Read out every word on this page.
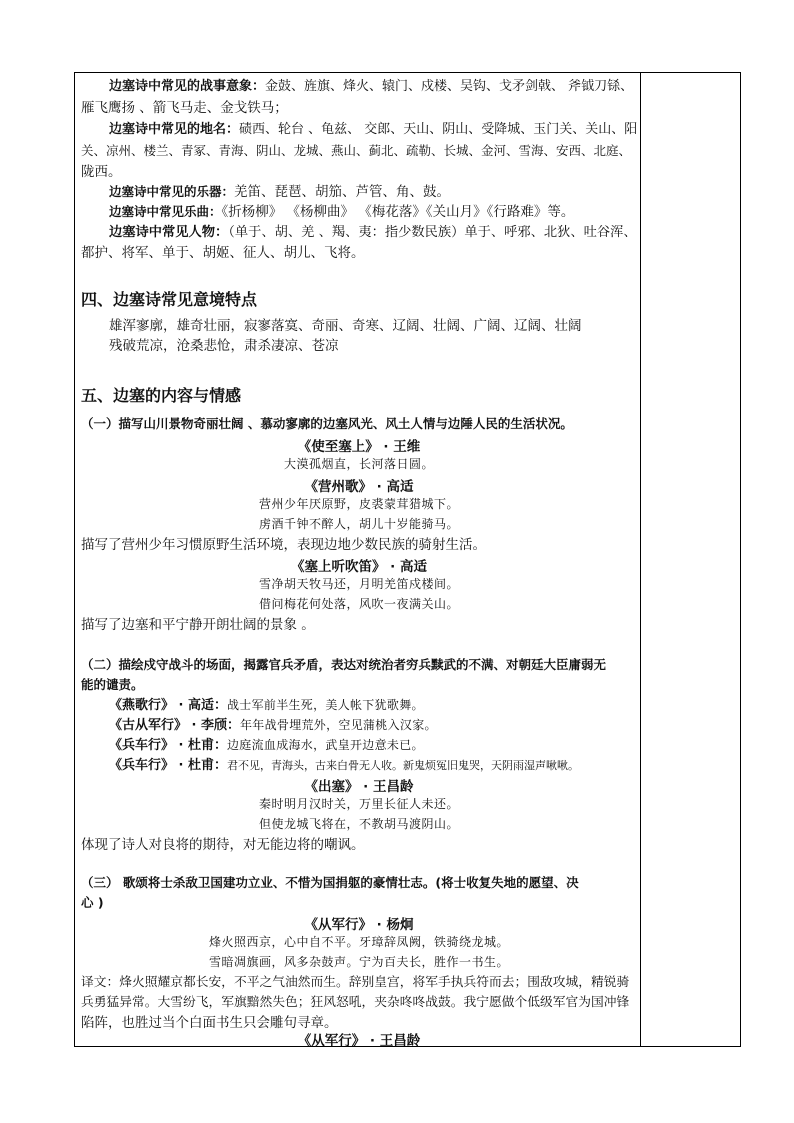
边塞诗中常见的战事意象：金鼓、旌旗、烽火、辕门、戍楼、吴钩、戈矛剑戟、 斧钺刀铩、
雁飞鹰扬 、箭飞马走、金戈铁马；
边塞诗中常见的地名：碛西、轮台 、龟兹、 交郎、天山、阴山、受降城、玉门关、关山、阳
关、凉州、楼兰、青冢、青海、阴山、龙城、燕山、蓟北、疏勒、长城、金河、雪海、安西、北庭、
陇西。
边塞诗中常见的乐器：羌笛、琵琶、胡笳、芦管、角、鼓。
边塞诗中常见乐曲：《折杨柳》 《杨柳曲》 《梅花落》《关山月》《行路难》等。
边塞诗中常见人物：（单于、胡、羌 、羯、夷：指少数民族）单于、呼邪、北狄、吐谷浑、
都护、将军、单于、胡姬、征人、胡儿、飞将。
四、边塞诗常见意境特点
雄浑寥廓，雄奇壮丽，寂寥落寞、奇丽、奇寒、辽阔、壮阔、广阔、辽阔、壮阔
残破荒凉，沧桑悲怆，肃杀凄凉、苍凉
五、边塞的内容与情感
（一）描写山川景物奇丽壮阔 、慕动寥廓的边塞风光、风土人情与边陲人民的生活状况。
《使至塞上》 · 王维
大漠孤烟直，长河落日圆。
《营州歌》 · 高适
营州少年厌原野，皮裘蒙茸猎城下。
虏酒千钟不醉人，胡儿十岁能骑马。
描写了营州少年习惯原野生活环境，表现边地少数民族的骑射生活。
《塞上听吹笛》 · 高适
雪净胡天牧马还，月明羌笛戍楼间。
借问梅花何处落，风吹一夜满关山。
描写了边塞和平宁静开朗壮阔的景象 。
（二）描绘戍守战斗的场面，揭露官兵矛盾，表达对统治者穷兵黩武的不满、对朝廷大臣庸弱无
能的谴责。
《燕歌行》 · 高适：战士军前半生死，美人帐下犹歌舞。
《古从军行》 · 李颀：年年战骨埋荒外，空见蒲桃入汉家。
《兵车行》 · 杜甫：边庭流血成海水，武皇开边意未已。
《兵车行》 · 杜甫：君不见，青海头，古来白骨无人收。新鬼烦冤旧鬼哭，天阴雨湿声啾啾。
《出塞》 · 王昌龄
秦时明月汉时关，万里长征人未还。
但使龙城飞将在，不教胡马渡阴山。
体现了诗人对良将的期待，对无能边将的嘲讽。
（三） 歌颂将士杀敌卫国建功立业、不惜为国捐躯的豪情壮志。(将士收复失地的愿望、决
心 )
《从军行》 · 杨炯
烽火照西京，心中自不平。牙璋辞凤阙，铁骑绕龙城。
雪暗凋旗画，风多杂鼓声。宁为百夫长，胜作一书生。
译文：烽火照耀京都长安，不平之气油然而生。辞别皇宫，将军手执兵符而去；围敌攻城，精锐骑
兵勇猛异常。大雪纷飞，军旗黯然失色；狂风怒吼，夹杂咚咚战鼓。我宁愿做个低级军官为国冲锋
陷阵，也胜过当个白面书生只会雕句寻章。
《从军行》 · 王昌龄
